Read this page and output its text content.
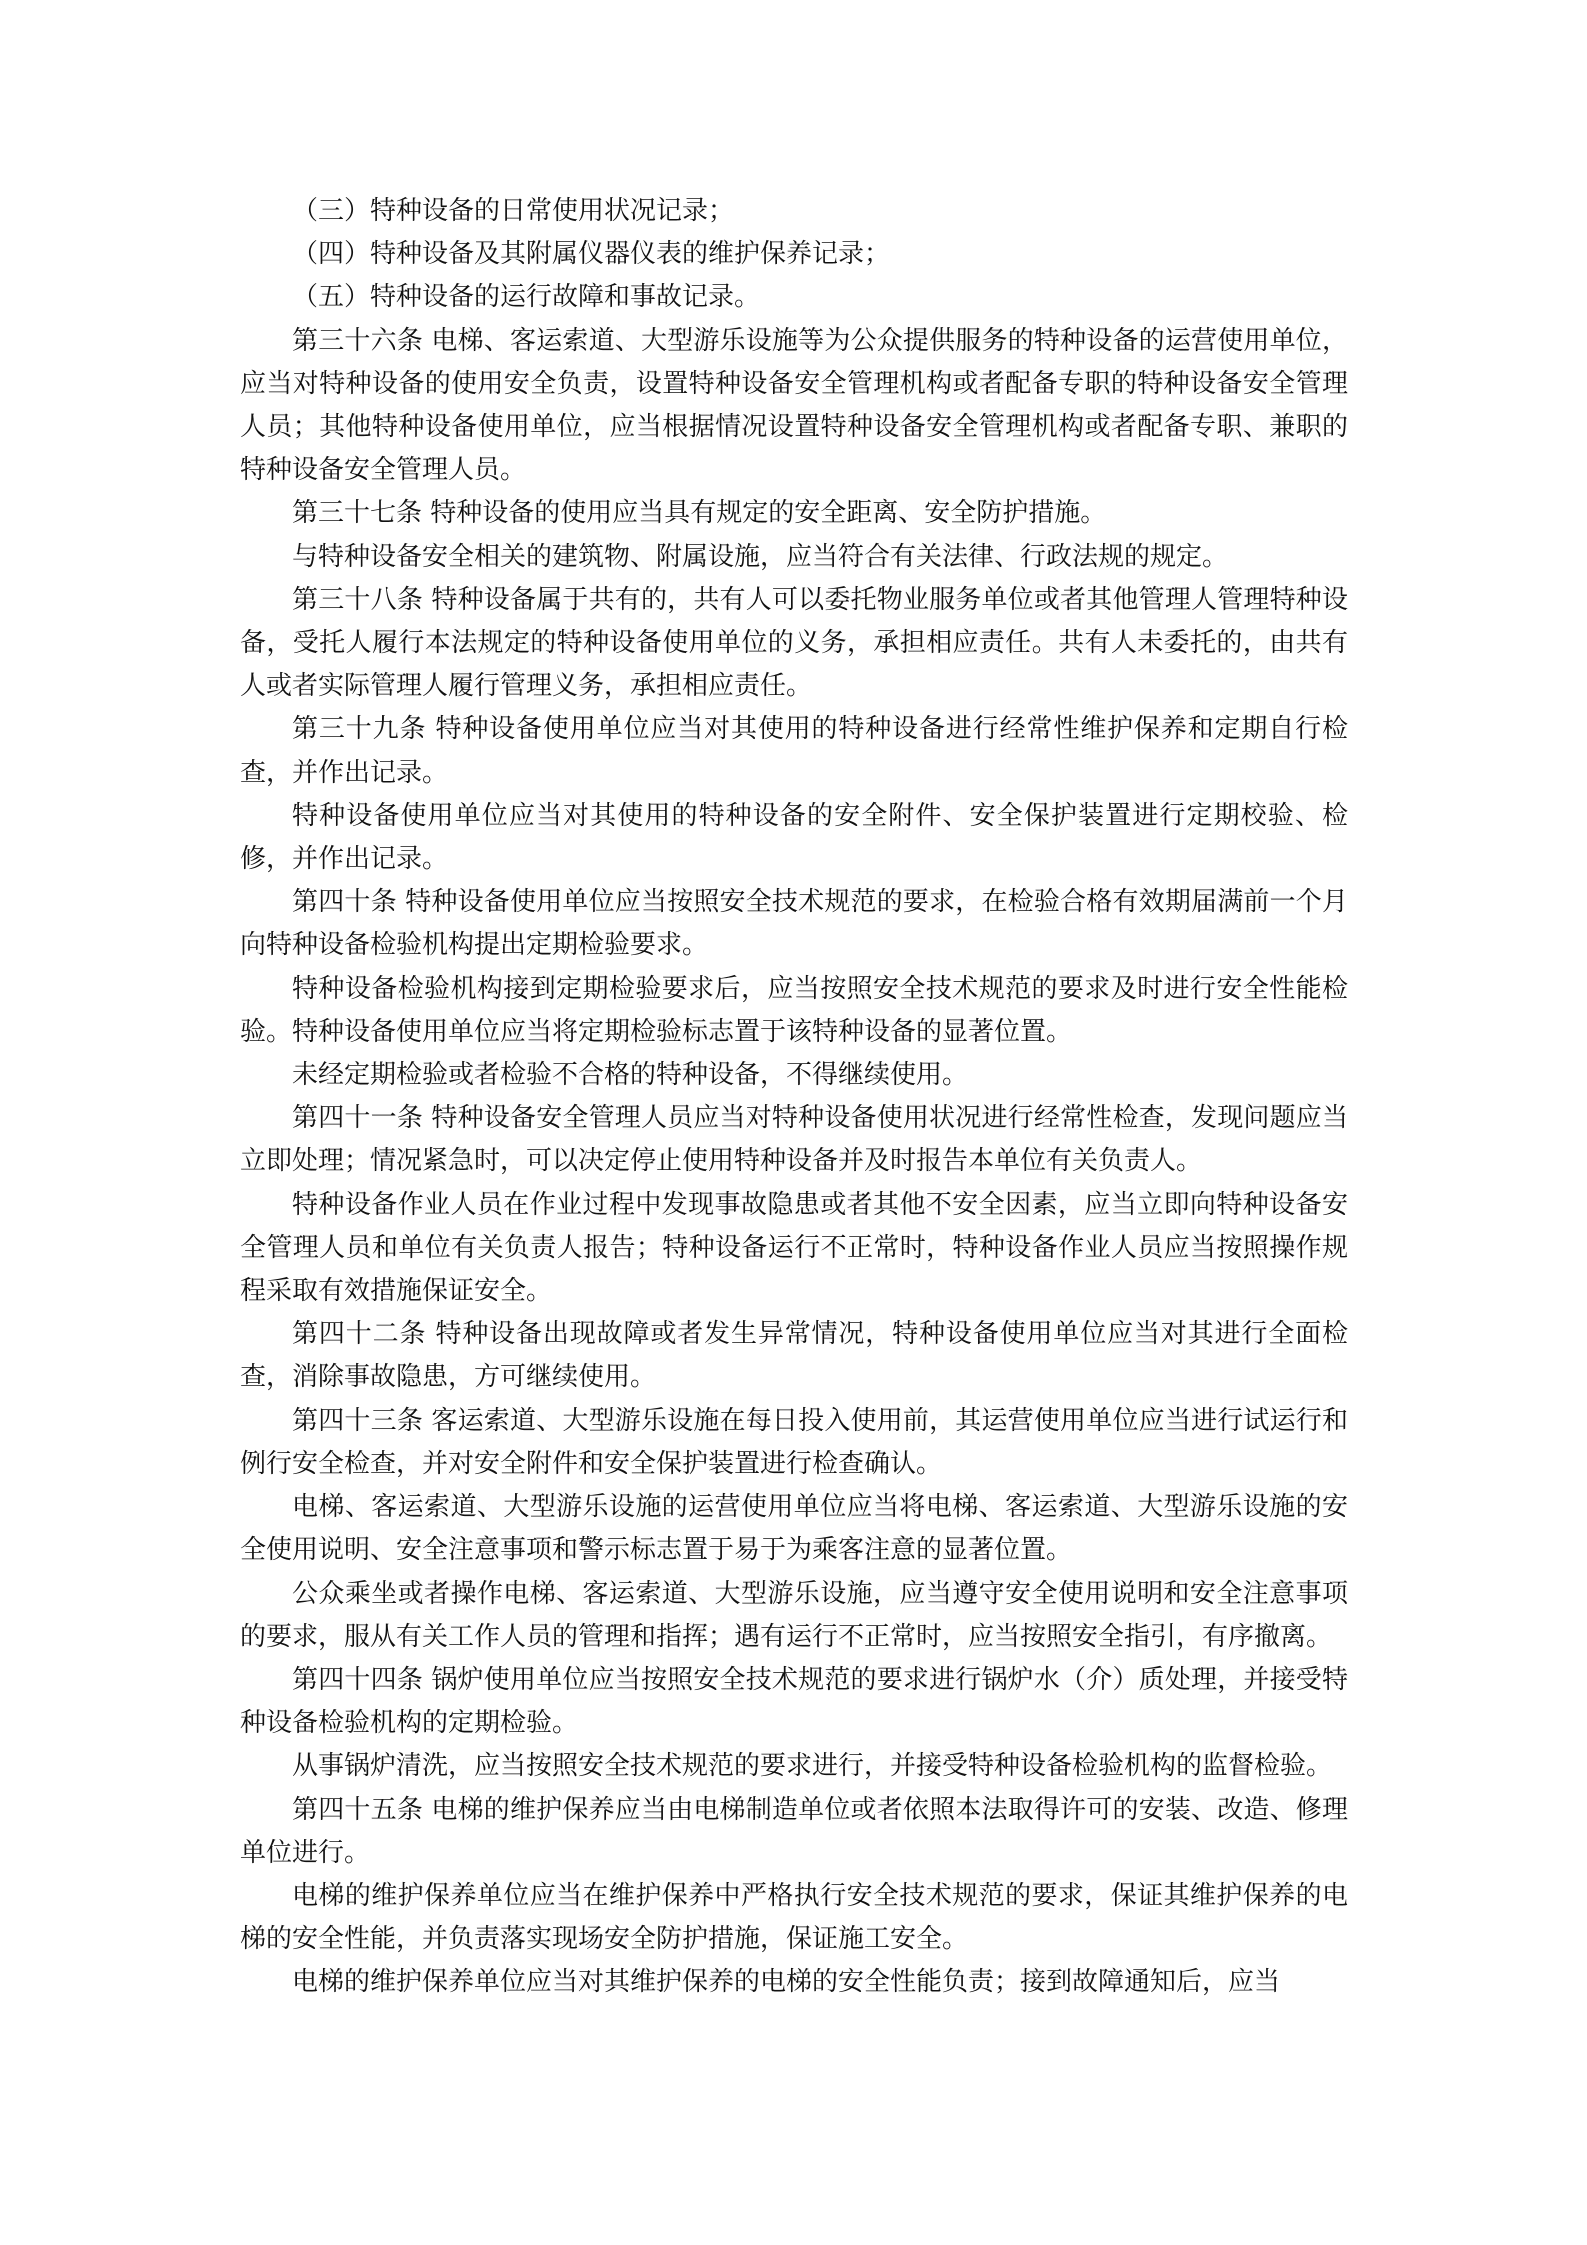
（三）特种设备的日常使用状况记录；

（四）特种设备及其附属仪器仪表的维护保养记录；

（五）特种设备的运行故障和事故记录。

第三十六条 电梯、客运索道、大型游乐设施等为公众提供服务的特种设备的运营使用单位，应当对特种设备的使用安全负责，设置特种设备安全管理机构或者配备专职的特种设备安全管理人员；其他特种设备使用单位，应当根据情况设置特种设备安全管理机构或者配备专职、兼职的特种设备安全管理人员。

第三十七条 特种设备的使用应当具有规定的安全距离、安全防护措施。

与特种设备安全相关的建筑物、附属设施，应当符合有关法律、行政法规的规定。

第三十八条 特种设备属于共有的，共有人可以委托物业服务单位或者其他管理人管理特种设备，受托人履行本法规定的特种设备使用单位的义务，承担相应责任。共有人未委托的，由共有人或者实际管理人履行管理义务，承担相应责任。

第三十九条 特种设备使用单位应当对其使用的特种设备进行经常性维护保养和定期自行检查，并作出记录。

特种设备使用单位应当对其使用的特种设备的安全附件、安全保护装置进行定期校验、检修，并作出记录。

第四十条 特种设备使用单位应当按照安全技术规范的要求，在检验合格有效期届满前一个月向特种设备检验机构提出定期检验要求。

特种设备检验机构接到定期检验要求后，应当按照安全技术规范的要求及时进行安全性能检验。特种设备使用单位应当将定期检验标志置于该特种设备的显著位置。

未经定期检验或者检验不合格的特种设备，不得继续使用。

第四十一条 特种设备安全管理人员应当对特种设备使用状况进行经常性检查，发现问题应当立即处理；情况紧急时，可以决定停止使用特种设备并及时报告本单位有关负责人。

特种设备作业人员在作业过程中发现事故隐患或者其他不安全因素，应当立即向特种设备安全管理人员和单位有关负责人报告；特种设备运行不正常时，特种设备作业人员应当按照操作规程采取有效措施保证安全。

第四十二条 特种设备出现故障或者发生异常情况，特种设备使用单位应当对其进行全面检查，消除事故隐患，方可继续使用。

第四十三条 客运索道、大型游乐设施在每日投入使用前，其运营使用单位应当进行试运行和例行安全检查，并对安全附件和安全保护装置进行检查确认。

电梯、客运索道、大型游乐设施的运营使用单位应当将电梯、客运索道、大型游乐设施的安全使用说明、安全注意事项和警示标志置于易于为乘客注意的显著位置。

公众乘坐或者操作电梯、客运索道、大型游乐设施，应当遵守安全使用说明和安全注意事项的要求，服从有关工作人员的管理和指挥；遇有运行不正常时，应当按照安全指引，有序撤离。

第四十四条 锅炉使用单位应当按照安全技术规范的要求进行锅炉水（介）质处理，并接受特种设备检验机构的定期检验。

从事锅炉清洗，应当按照安全技术规范的要求进行，并接受特种设备检验机构的监督检验。

第四十五条 电梯的维护保养应当由电梯制造单位或者依照本法取得许可的安装、改造、修理单位进行。

电梯的维护保养单位应当在维护保养中严格执行安全技术规范的要求，保证其维护保养的电梯的安全性能，并负责落实现场安全防护措施，保证施工安全。

电梯的维护保养单位应当对其维护保养的电梯的安全性能负责；接到故障通知后，应当
